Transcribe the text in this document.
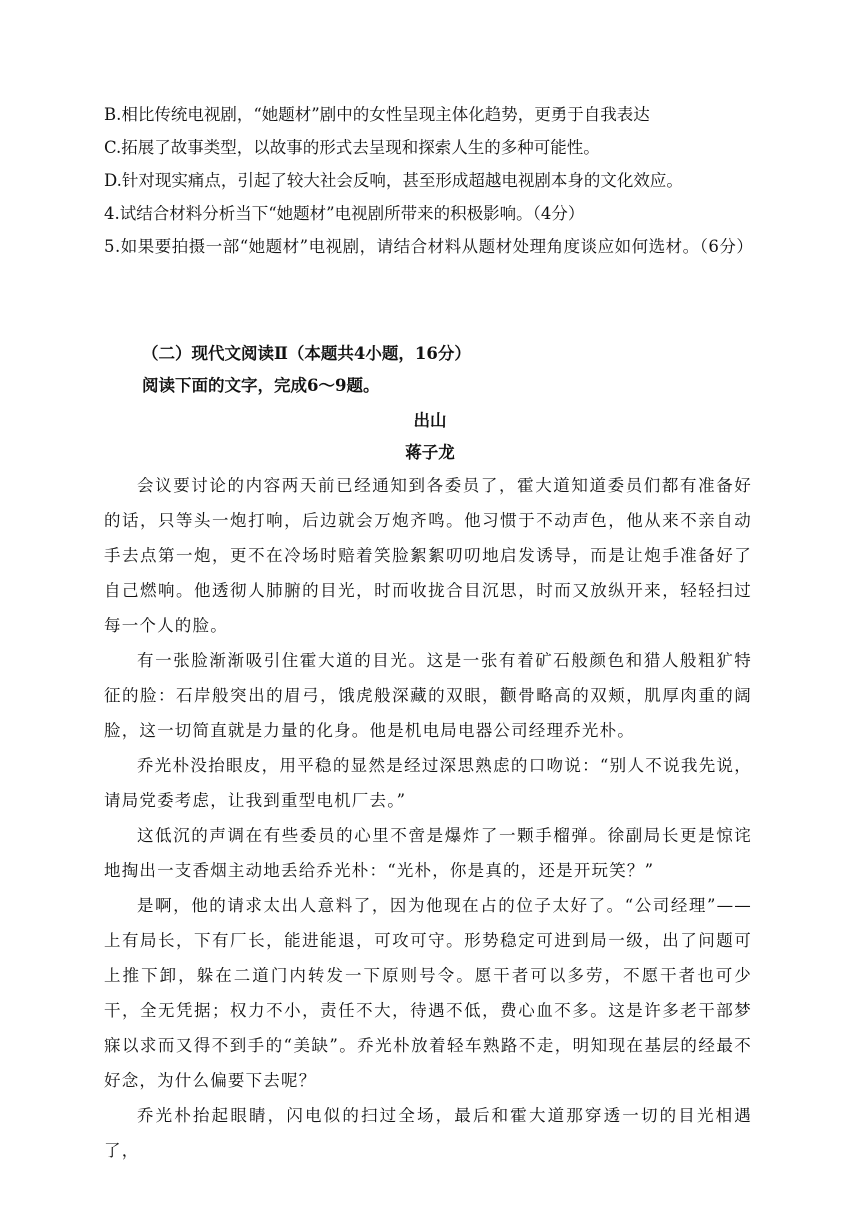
B.相比传统电视剧，“她题材”剧中的女性呈现主体化趋势，更勇于自我表达
C.拓展了故事类型，以故事的形式去呈现和探索人生的多种可能性。
D.针对现实痛点，引起了较大社会反响，甚至形成超越电视剧本身的文化效应。
4.试结合材料分析当下“她题材”电视剧所带来的积极影响。（4分）
5.如果要拍摄一部“她题材”电视剧，请结合材料从题材处理角度谈应如何选材。（6分）
（二）现代文阅读Ⅱ（本题共4小题，16分）
阅读下面的文字，完成6～9题。
出山
蒋子龙

会议要讨论的内容两天前已经通知到各委员了，霍大道知道委员们都有准备好的话，只等头一炮打响，后边就会万炮齐鸣。他习惯于不动声色，他从来不亲自动手去点第一炮，更不在冷场时赔着笑脸絮絮叨叨地启发诱导，而是让炮手准备好了自己燃响。他透彻人肺腑的目光，时而收拢合目沉思，时而又放纵开来，轻轻扫过每一个人的脸。

有一张脸渐渐吸引住霍大道的目光。这是一张有着矿石般颜色和猎人般粗犷特征的脸：石岸般突出的眉弓，饿虎般深藏的双眼，颧骨略高的双颊，肌厚肉重的阔脸，这一切简直就是力量的化身。他是机电局电器公司经理乔光朴。

乔光朴没抬眼皮，用平稳的显然是经过深思熟虑的口吻说：“别人不说我先说，请局党委考虑，让我到重型电机厂去。”

这低沉的声调在有些委员的心里不啻是爆炸了一颗手榴弹。徐副局长更是惊诧地掏出一支香烟主动地丢给乔光朴：“光朴，你是真的，还是开玩笑？”

是啊，他的请求太出人意料了，因为他现在占的位子太好了。“公司经理”——上有局长，下有厂长，能进能退，可攻可守。形势稳定可进到局一级，出了问题可上推下卸，躲在二道门内转发一下原则号令。愿干者可以多劳，不愿干者也可少干，全无凭据；权力不小，责任不大，待遇不低，费心血不多。这是许多老干部梦寐以求而又得不到手的“美缺”。乔光朴放着轻车熟路不走，明知现在基层的经最不好念，为什么偏要下去呢？

乔光朴抬起眼睛，闪电似的扫过全场，最后和霍大道那穿透一切的目光相遇了，
